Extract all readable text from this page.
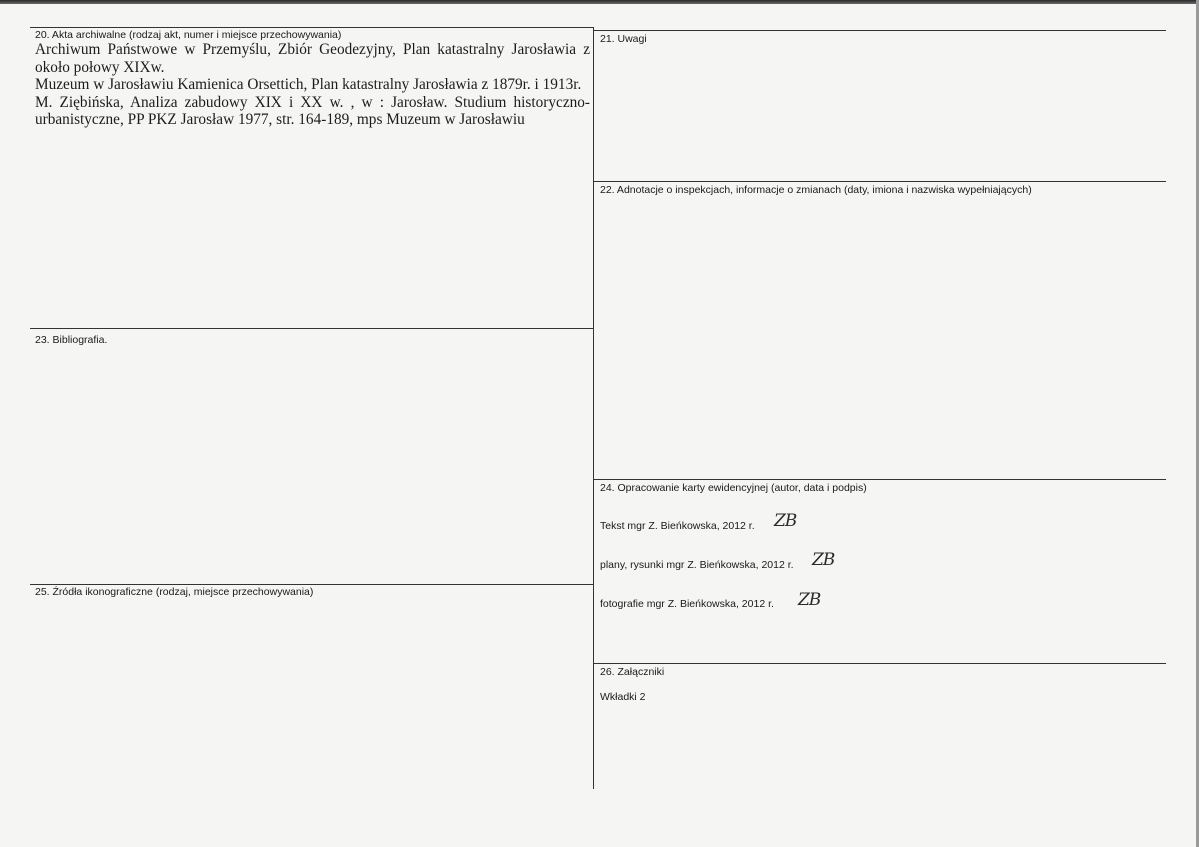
20. Akta archiwalne (rodzaj akt, numer i miejsce przechowywania)

Archiwum Państwowe w Przemyślu, Zbiór Geodezyjny, Plan katastralny Jarosławia z około połowy XIXw.

Muzeum w Jarosławiu Kamienica Orsettich, Plan katastralny Jarosławia z 1879r. i 1913r.

M. Ziębińska, Analiza zabudowy XIX i XX w. , w : Jarosław. Studium historyczno-urbanistyczne, PP PKZ Jarosław 1977, str. 164-189, mps Muzeum w Jarosławiu

21. Uwagi
22. Adnotacje o inspekcjach, informacje o zmianach (daty, imiona i nazwiska wypełniających)
23. Bibliografia.
24. Opracowanie karty ewidencyjnej (autor, data i podpis)
Tekst mgr Z. Bieńkowska, 2012 r. ZB
plany, rysunki mgr Z. Bieńkowska, 2012 r. ZB
fotografie mgr Z. Bieńkowska, 2012 r. ZB
25. Źródła ikonograficzne (rodzaj, miejsce przechowywania)
26. Załączniki
Wkładki 2
